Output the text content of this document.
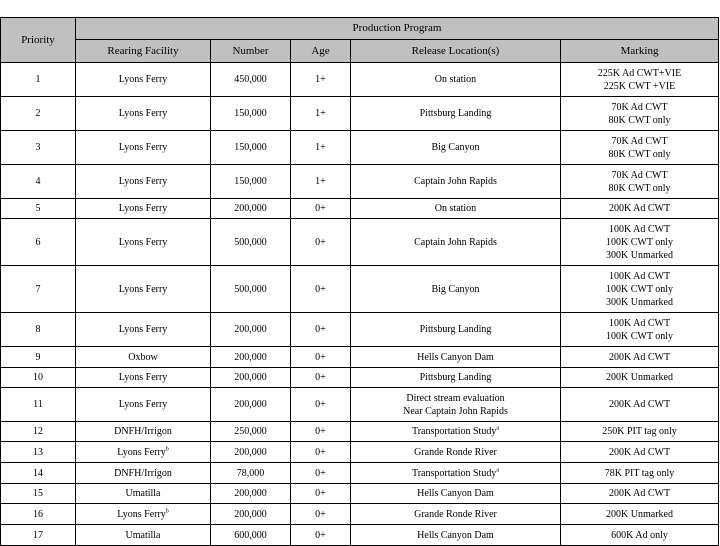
Priority	Production Program				
	Rearing Facility	Number	Age	Release Location(s)	Marking
1	Lyons Ferry	450,000	1+	On station	225K Ad CWT+VIE
225K CWT +VIE

2	Lyons Ferry	150,000	1+	Pittsburg Landing	70K Ad CWT
80K CWT only

3	Lyons Ferry	150,000	1+	Big Canyon	70K Ad CWT
80K CWT only

4	Lyons Ferry	150,000	1+	Captain John Rapids	70K Ad CWT
80K CWT only

5	Lyons Ferry	200,000	0+	On station	200K Ad CWT

6	Lyons Ferry	500,000	0+	Captain John Rapids	100K Ad CWT
100K CWT only
300K Unmarked

7	Lyons Ferry	500,000	0+	Big Canyon	100K Ad CWT
100K CWT only
300K Unmarked

8	Lyons Ferry	200,000	0+	Pittsburg Landing	100K Ad CWT
100K CWT only

9	Oxbow	200,000	0+	Hells Canyon Dam	200K Ad CWT

10	Lyons Ferry	200,000	0+	Pittsburg Landing	200K Unmarked

11	Lyons Ferry	200,000	0+	Direct stream evaluation
Near Captain John Rapids	200K Ad CWT

12	DNFH/Irrigon	250,000	0+	Transportation Study$^a$	250K PIT tag only

13	Lyons Ferry$^b$	200,000	0+	Grande Ronde River	200K Ad CWT

14	DNFH/Irrigon	78,000	0+	Transportation Study$^a$	78K PIT tag only

15	Umatilla	200,000	0+	Hells Canyon Dam	200K Ad CWT

16	Lyons Ferry$^b$	200,000	0+	Grande Ronde River	200K Unmarked

17	Umatilla	600,000	0+	Hells Canyon Dam	600K Ad only
